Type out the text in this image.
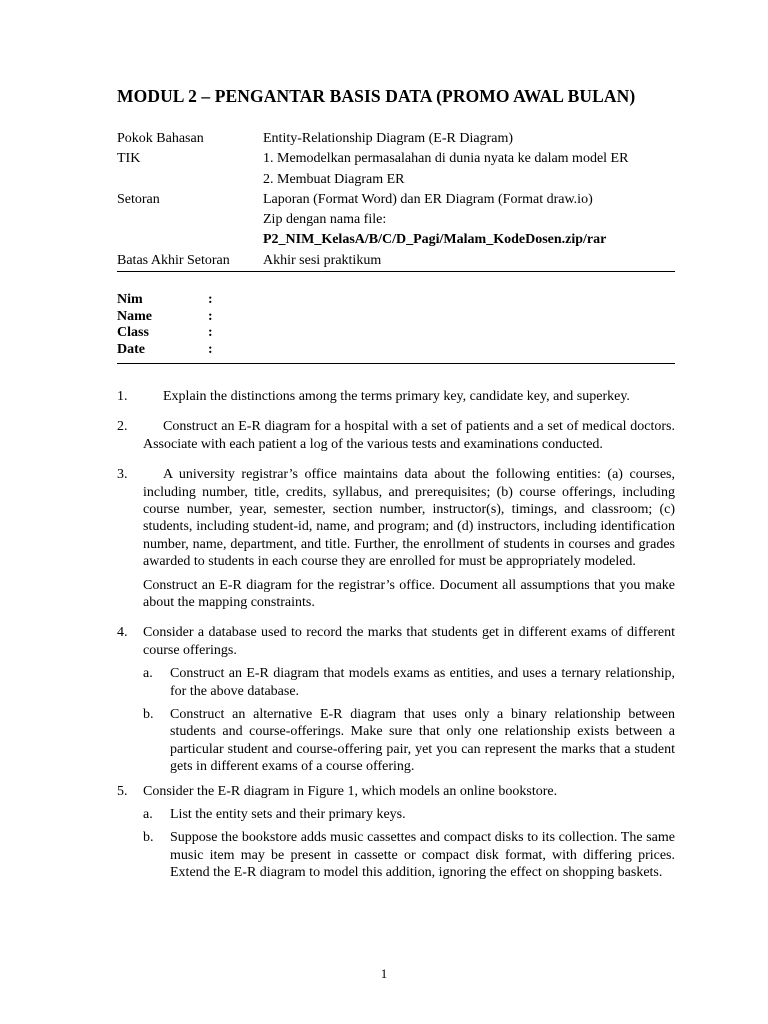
MODUL 2 – PENGANTAR BASIS DATA (PROMO AWAL BULAN)
Pokok Bahasan	Entity-Relationship Diagram (E-R Diagram)
TIK	1. Memodelkan permasalahan di dunia nyata ke dalam model ER
2. Membuat Diagram ER
Setoran	Laporan (Format Word) dan ER Diagram (Format draw.io)
Zip dengan nama file:
P2_NIM_KelasA/B/C/D_Pagi/Malam_KodeDosen.zip/rar
Batas Akhir Setoran	Akhir sesi praktikum
Nim	:
Name	:
Class	:
Date	:
1.	Explain the distinctions among the terms primary key, candidate key, and superkey.

2.	Construct an E-R diagram for a hospital with a set of patients and a set of medical doctors. Associate with each patient a log of the various tests and examinations conducted.

3.	A university registrar’s office maintains data about the following entities: (a) courses, including number, title, credits, syllabus, and prerequisites; (b) course offerings, including course number, year, semester, section number, instructor(s), timings, and classroom; (c) students, including student-id, name, and program; and (d) instructors, including identification number, name, department, and title. Further, the enrollment of students in courses and grades awarded to students in each course they are enrolled for must be appropriately modeled.

Construct an E-R diagram for the registrar’s office. Document all assumptions that you make about the mapping constraints.

4.	Consider a database used to record the marks that students get in different exams of different course offerings.

a.	Construct an E-R diagram that models exams as entities, and uses a ternary relationship, for the above database.
b.	Construct an alternative E-R diagram that uses only a binary relationship between students and course-offerings. Make sure that only one relationship exists between a particular student and course-offering pair, yet you can represent the marks that a student gets in different exams of a course offering.
5.	Consider the E-R diagram in Figure 1, which models an online bookstore.

a.	List the entity sets and their primary keys.
b.	Suppose the bookstore adds music cassettes and compact disks to its collection. The same music item may be present in cassette or compact disk format, with differing prices. Extend the E-R diagram to model this addition, ignoring the effect on shopping baskets.
1
